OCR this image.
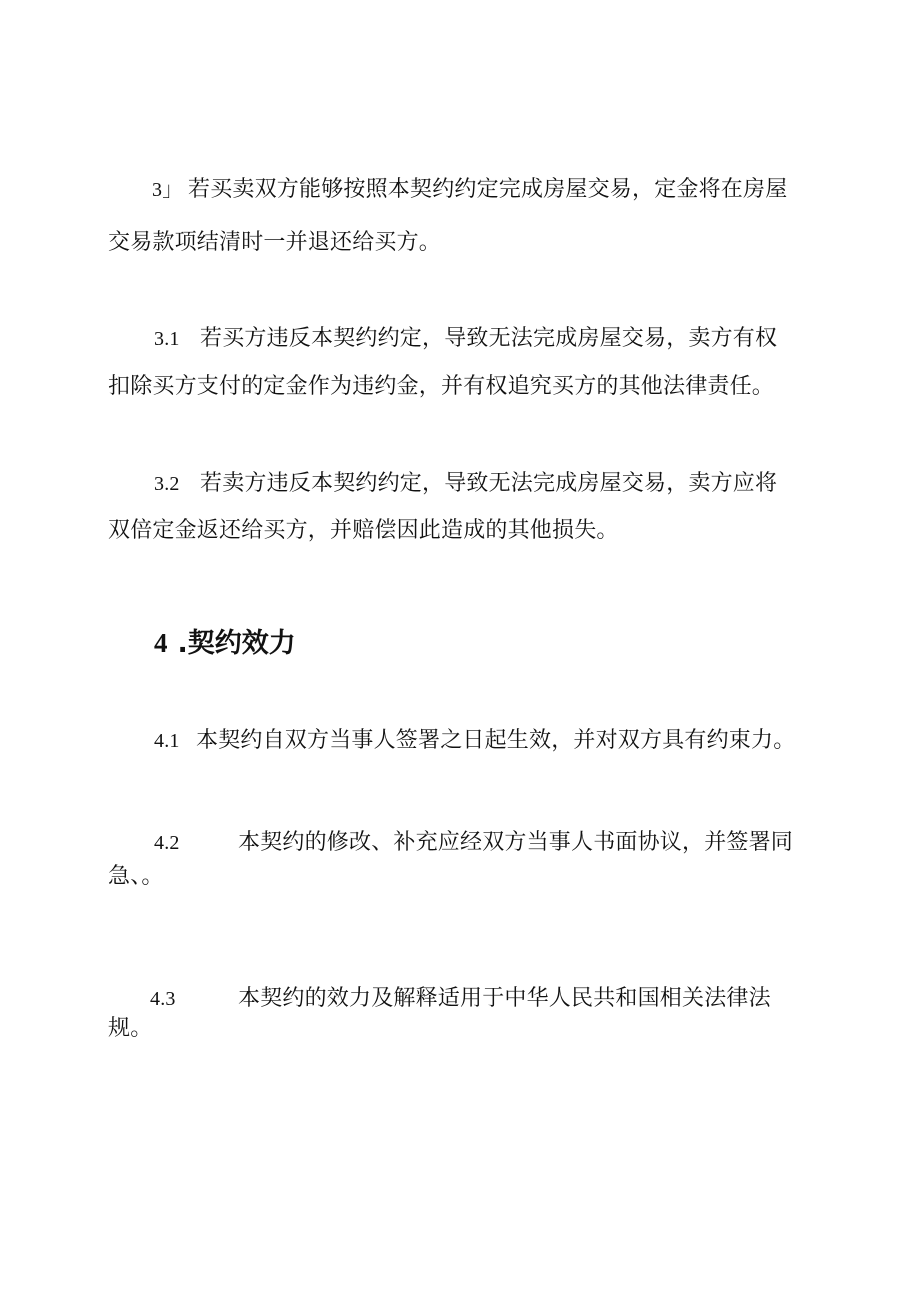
3」 若买卖双方能够按照本契约约定完成房屋交易，定金将在房屋
交易款项结清时一并退还给买方。
3.1 若买方违反本契约约定，导致无法完成房屋交易，卖方有权
扣除买方支付的定金作为违约金，并有权追究买方的其他法律责任。
3.2 若卖方违反本契约约定，导致无法完成房屋交易，卖方应将
双倍定金返还给买方，并赔偿因此造成的其他损失。
4 .契约效力
4.1 本契约自双方当事人签署之日起生效，并对双方具有约束力。
4.2	本契约的修改、补充应经双方当事人书面协议，并签署同
急、。
4.3	本契约的效力及解释适用于中华人民共和国相关法律法
规。
